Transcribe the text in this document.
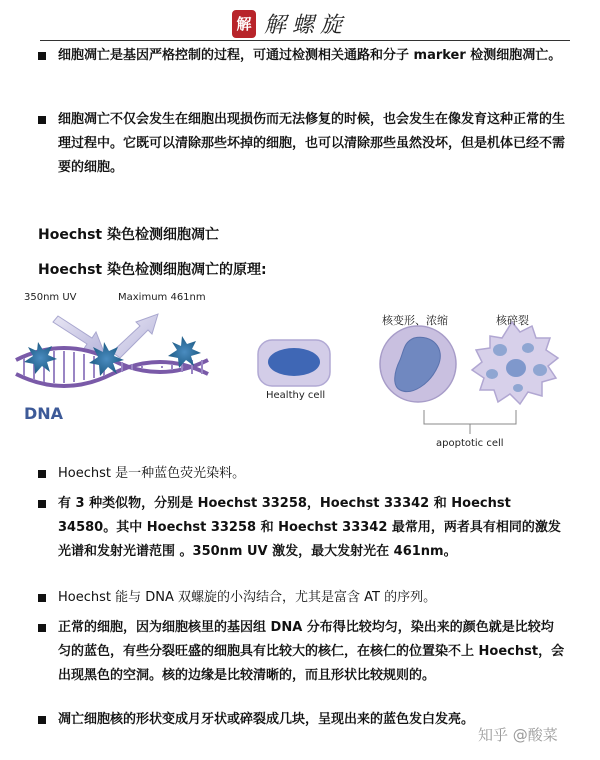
解 解螺旋
细胞凋亡是基因严格控制的过程，可通过检测相关通路和分子 marker 检测细胞凋亡。
细胞凋亡不仅会发生在细胞出现损伤而无法修复的时候，也会发生在像发育这种正常的生理过程中。它既可以清除那些坏掉的细胞，也可以清除那些虽然没坏，但是机体已经不需要的细胞。
Hoechst 染色检测细胞凋亡
Hoechst 染色检测细胞凋亡的原理:
350nm UV	Maximum 461nm
DNA
Healthy cell
核变形、浓缩	核碎裂
apoptotic cell
Hoechst 是一种蓝色荧光染料。
有 3 种类似物，分别是 Hoechst 33258，Hoechst 33342 和 Hoechst 34580。其中 Hoechst 33258 和 Hoechst 33342 最常用，两者具有相同的激发光谱和发射光谱范围 。350nm UV 激发，最大发射光在 461nm。
Hoechst 能与 DNA 双螺旋的小沟结合，尤其是富含 AT 的序列。
正常的细胞，因为细胞核里的基因组 DNA 分布得比较均匀，染出来的颜色就是比较均匀的蓝色，有些分裂旺盛的细胞具有比较大的核仁，在核仁的位置染不上 Hoechst，会出现黑色的空洞。核的边缘是比较清晰的，而且形状比较规则的。
凋亡细胞核的形状变成月牙状或碎裂成几块，呈现出来的蓝色发白发亮。
知乎 @酸菜
